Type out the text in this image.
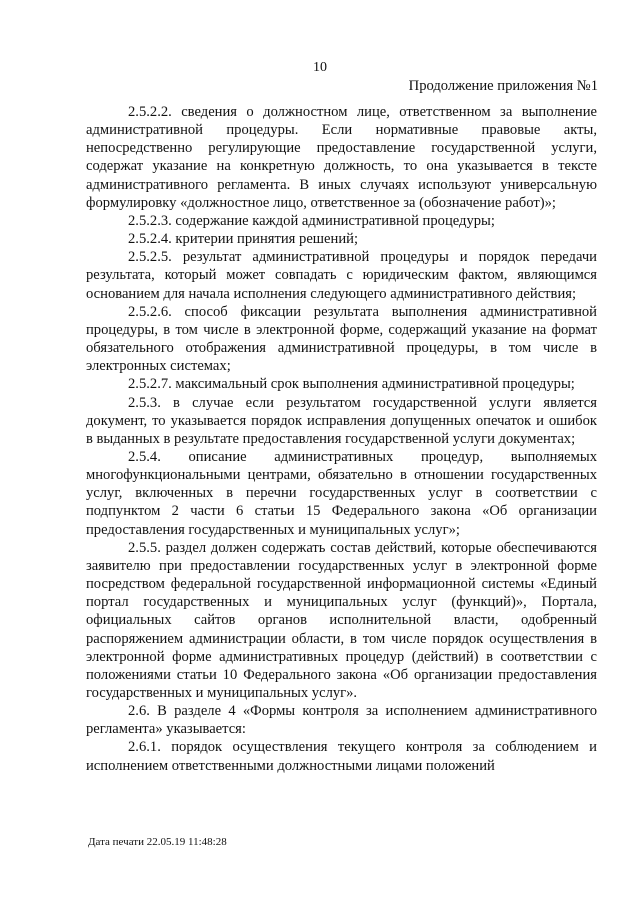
10
Продолжение приложения №1

2.5.2.2. сведения о должностном лице, ответственном за выполнение административной процедуры. Если нормативные правовые акты, непосредственно регулирующие предоставление государственной услуги, содержат указание на конкретную должность, то она указывается в тексте административного регламента. В иных случаях используют универсальную формулировку «должностное лицо, ответственное за (обозначение работ)»;

2.5.2.3. содержание каждой административной процедуры;

2.5.2.4. критерии принятия решений;

2.5.2.5. результат административной процедуры и порядок передачи результата, который может совпадать с юридическим фактом, являющимся основанием для начала исполнения следующего административного действия;

2.5.2.6. способ фиксации результата выполнения административной процедуры, в том числе в электронной форме, содержащий указание на формат обязательного отображения административной процедуры, в том числе в электронных системах;

2.5.2.7. максимальный срок выполнения административной процедуры;

2.5.3. в случае если результатом государственной услуги является документ, то указывается порядок исправления допущенных опечаток и ошибок в выданных в результате предоставления государственной услуги документах;

2.5.4. описание административных процедур, выполняемых многофункциональными центрами, обязательно в отношении государственных услуг, включенных в перечни государственных услуг в соответствии с подпунктом 2 части 6 статьи 15 Федерального закона «Об организации предоставления государственных и муниципальных услуг»;

2.5.5. раздел должен содержать состав действий, которые обеспечиваются заявителю при предоставлении государственных услуг в электронной форме посредством федеральной государственной информационной системы «Единый портал государственных и муниципальных услуг (функций)», Портала, официальных сайтов органов исполнительной власти, одобренный распоряжением администрации области, в том числе порядок осуществления в электронной форме административных процедур (действий) в соответствии с положениями статьи 10 Федерального закона «Об организации предоставления государственных и муниципальных услуг».

2.6. В разделе 4 «Формы контроля за исполнением административного регламента» указывается:

2.6.1. порядок осуществления текущего контроля за соблюдением и исполнением ответственными должностными лицами положений

Дата печати 22.05.19 11:48:28
